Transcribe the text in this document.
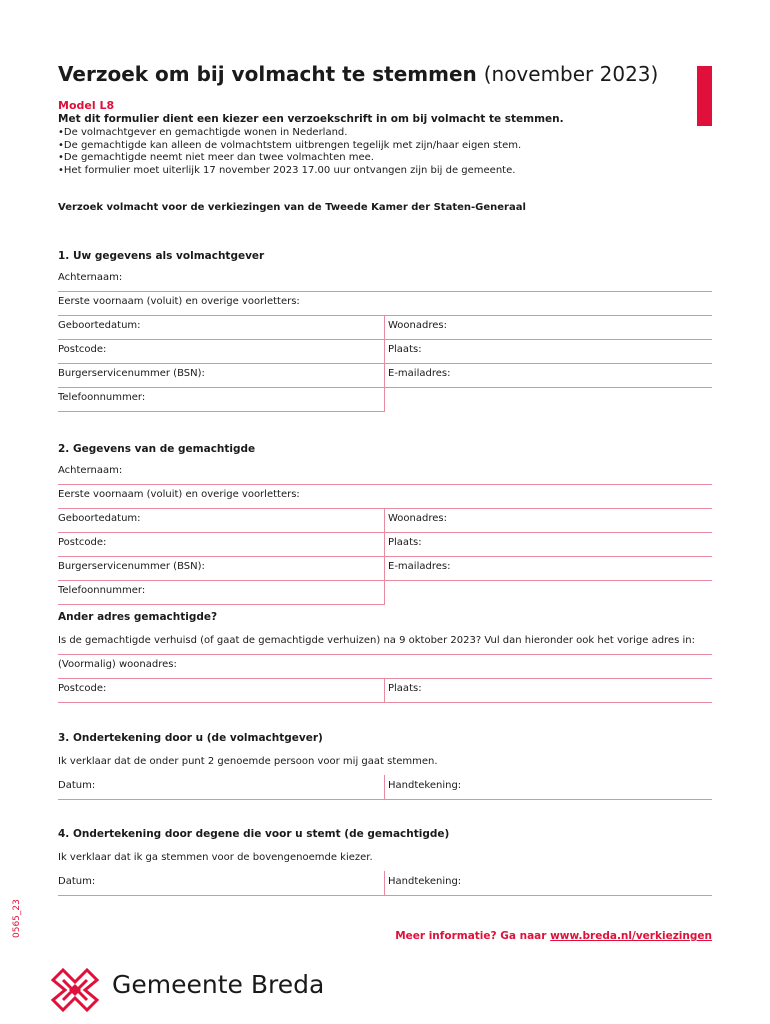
Verzoek om bij volmacht te stemmen (november 2023)
Model L8
Met dit formulier dient een kiezer een verzoekschrift in om bij volmacht te stemmen.
• De volmachtgever en gemachtigde wonen in Nederland.
• De gemachtigde kan alleen de volmachtstem uitbrengen tegelijk met zijn/haar eigen stem.
• De gemachtigde neemt niet meer dan twee volmachten mee.
• Het formulier moet uiterlijk 17 november 2023 17.00 uur ontvangen zijn bij de gemeente.
Verzoek volmacht voor de verkiezingen van de Tweede Kamer der Staten-Generaal
1. Uw gegevens als volmachtgever
Achternaam:
Eerste voornaam (voluit) en overige voorletters:
Geboortedatum:	Woonadres:
Postcode:	Plaats:
Burgerservicenummer (BSN):	E-mailadres:
Telefoonnummer:
2. Gegevens van de gemachtigde
Achternaam:
Eerste voornaam (voluit) en overige voorletters:
Geboortedatum:	Woonadres:
Postcode:	Plaats:
Burgerservicenummer (BSN):	E-mailadres:
Telefoonnummer:
Ander adres gemachtigde?
Is de gemachtigde verhuisd (of gaat de gemachtigde verhuizen) na 9 oktober 2023? Vul dan hieronder ook het vorige adres in:
(Voormalig) woonadres:
Postcode:	Plaats:
3. Ondertekening door u (de volmachtgever)
Ik verklaar dat de onder punt 2 genoemde persoon voor mij gaat stemmen.
Datum:	Handtekening:
4. Ondertekening door degene die voor u stemt (de gemachtigde)
Ik verklaar dat ik ga stemmen voor de bovengenoemde kiezer.
Datum:	Handtekening:
0565_23	Meer informatie? Ga naar www.breda.nl/verkiezingen
Gemeente Breda
